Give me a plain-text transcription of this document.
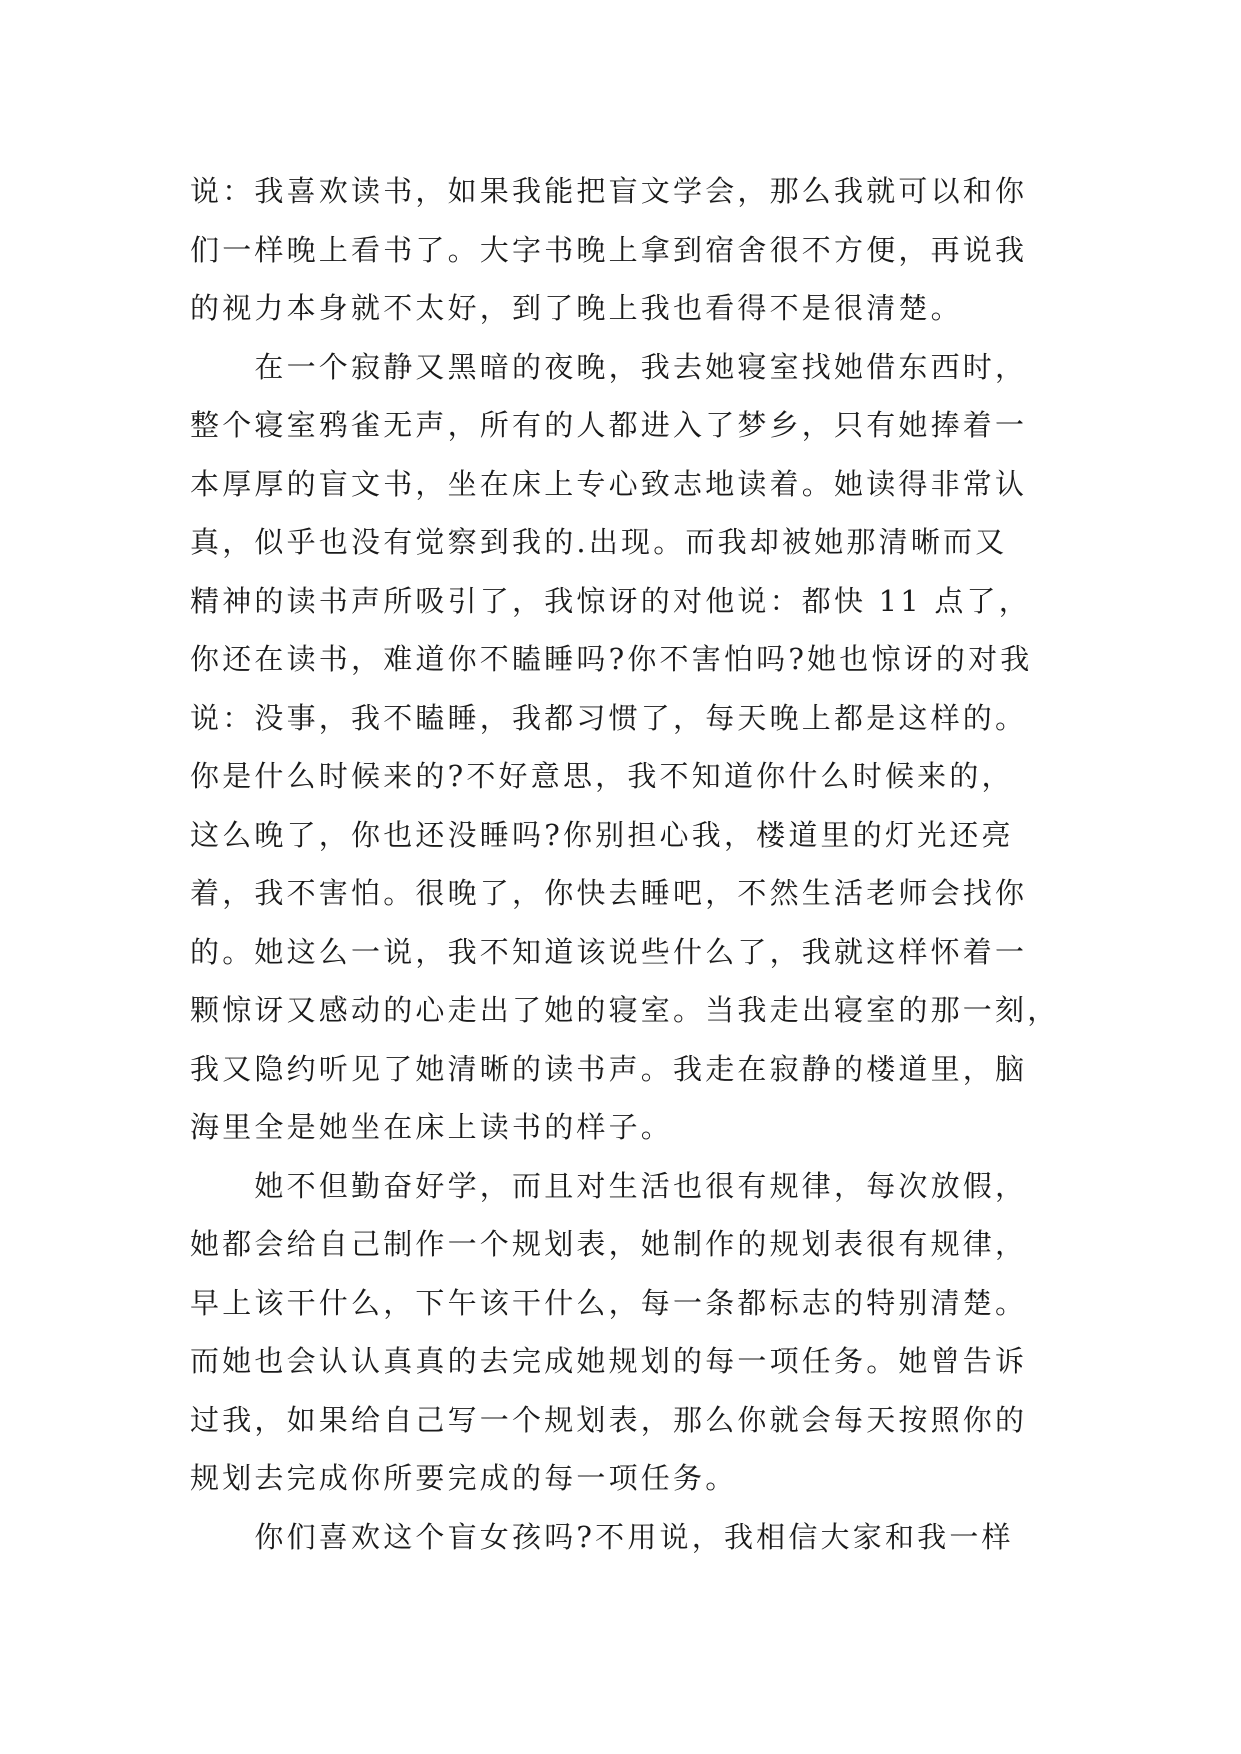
说：我喜欢读书，如果我能把盲文学会，那么我就可以和你
们一样晚上看书了。大字书晚上拿到宿舍很不方便，再说我
的视力本身就不太好，到了晚上我也看得不是很清楚。
　　在一个寂静又黑暗的夜晚，我去她寝室找她借东西时，
整个寝室鸦雀无声，所有的人都进入了梦乡，只有她捧着一
本厚厚的盲文书，坐在床上专心致志地读着。她读得非常认
真，似乎也没有觉察到我的.出现。而我却被她那清晰而又
精神的读书声所吸引了，我惊讶的对他说：都快 11 点了，
你还在读书，难道你不瞌睡吗?你不害怕吗?她也惊讶的对我
说：没事，我不瞌睡，我都习惯了，每天晚上都是这样的。
你是什么时候来的?不好意思，我不知道你什么时候来的，
这么晚了，你也还没睡吗?你别担心我，楼道里的灯光还亮
着，我不害怕。很晚了，你快去睡吧，不然生活老师会找你
的。她这么一说，我不知道该说些什么了，我就这样怀着一
颗惊讶又感动的心走出了她的寝室。当我走出寝室的那一刻，
我又隐约听见了她清晰的读书声。我走在寂静的楼道里，脑
海里全是她坐在床上读书的样子。
　　她不但勤奋好学，而且对生活也很有规律，每次放假，
她都会给自己制作一个规划表，她制作的规划表很有规律，
早上该干什么，下午该干什么，每一条都标志的特别清楚。
而她也会认认真真的去完成她规划的每一项任务。她曾告诉
过我，如果给自己写一个规划表，那么你就会每天按照你的
规划去完成你所要完成的每一项任务。
　　你们喜欢这个盲女孩吗?不用说，我相信大家和我一样
